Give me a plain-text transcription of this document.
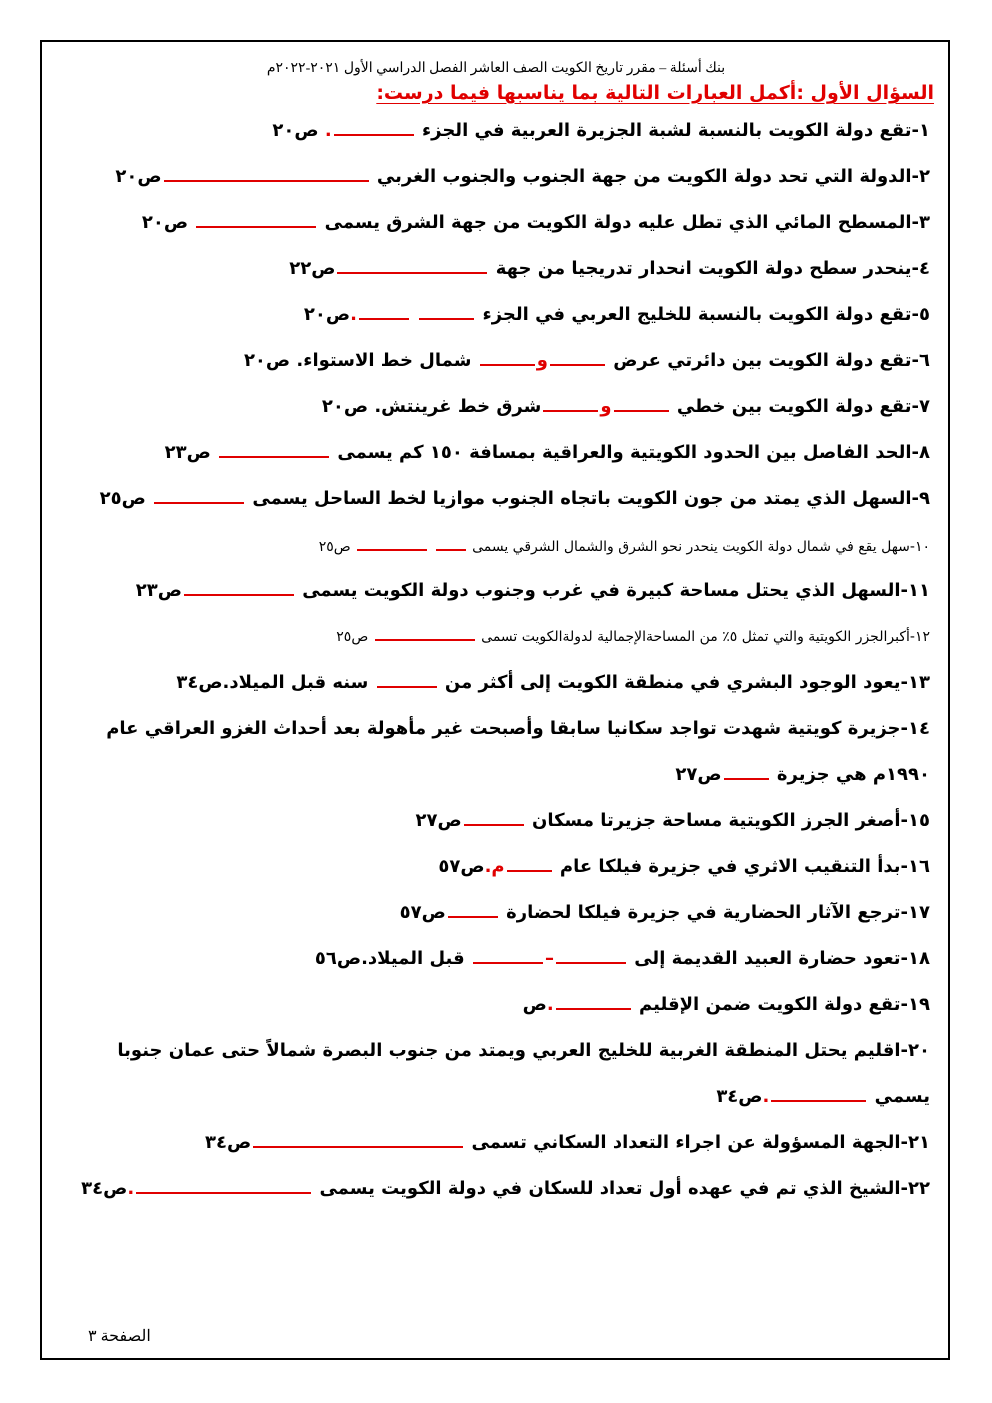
بنك أسئلة – مقرر تاريخ الكويت الصف العاشر الفصل الدراسي الأول ٢٠٢١-٢٠٢٢م
السؤال الأول :أكمل العبارات التالية بما يناسبها فيما درست:
١-تقع دولة الكويت بالنسبة لشبة الجزيرة العربية في الجزء . ص٢٠
٢-الدولة التي تحد دولة الكويت من جهة الجنوب والجنوب الغربي ص٢٠
٣-المسطح المائي الذي تطل عليه دولة الكويت من جهة الشرق يسمى  ص٢٠
٤-ينحدر سطح دولة الكويت انحدار تدريجيا من جهة ص٢٢
٥-تقع دولة الكويت بالنسبة للخليج العربي في الجزء  .ص٢٠
٦-تقع دولة الكويت بين دائرتي عرض و شمال خط الاستواء. ص٢٠
٧-تقع دولة الكويت بين خطي وشرق خط غرينتش. ص٢٠
٨-الحد الفاصل بين الحدود الكويتية والعراقية بمسافة ١٥٠ كم يسمى  ص٢٣
٩-السهل الذي يمتد من جون الكويت باتجاه الجنوب موازيا لخط الساحل يسمى  ص٢٥
١٠-سهل يقع في شمال دولة الكويت ينحدر نحو الشرق والشمال الشرقي يسمى   ص٢٥
١١-السهل الذي يحتل مساحة كبيرة في غرب وجنوب دولة الكويت يسمى ص٢٣
١٢-أكبرالجزر الكويتية والتي تمثل ٥٪ من المساحةالإجمالية لدولةالكويت تسمى  ص٢٥
١٣-يعود الوجود البشري في منطقة الكويت إلى أكثر من  سنه قبل الميلاد.ص٣٤
١٤-جزيرة كويتية شهدت تواجد سكانيا سابقا وأصبحت غير مأهولة بعد أحداث الغزو العراقي عام
١٩٩٠م هي جزيرة ص٢٧
١٥-أصغر الجرز الكويتية مساحة جزيرتا مسكان ص٢٧
١٦-بدأ التنقيب الاثري في جزيرة فيلكا عام م.ص٥٧
١٧-ترجع الآثار الحضارية في جزيرة فيلكا لحضارة ص٥٧
١٨-تعود حضارة العبيد القديمة إلى – قبل الميلاد.ص٥٦
١٩-تقع دولة الكويت ضمن الإقليم .ص
٢٠-اقليم يحتل المنطقة الغربية للخليج العربي ويمتد من جنوب البصرة شمالاً حتى عمان جنوبا
يسمي .ص٣٤
٢١-الجهة المسؤولة عن اجراء التعداد السكاني تسمى ص٣٤
٢٢-الشيخ الذي تم في عهده أول تعداد للسكان في دولة الكويت يسمى .ص٣٤
الصفحة ٣
